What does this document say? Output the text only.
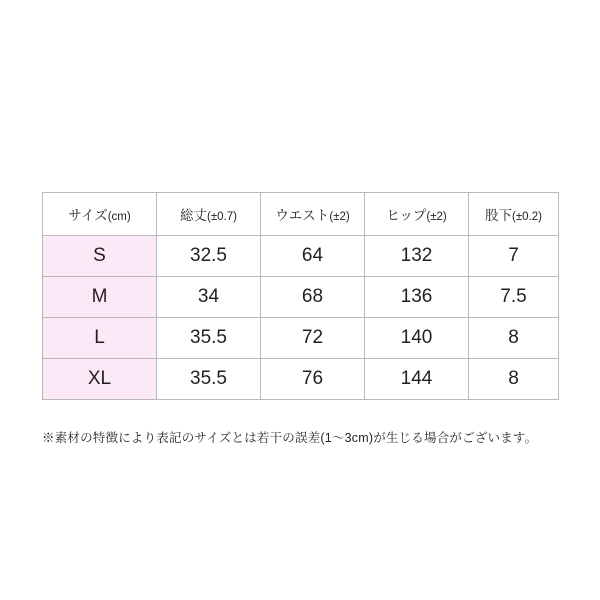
サイズ(cm)	総丈(±0.7)	ウエスト(±2)	ヒップ(±2)	股下(±0.2)
S	32.5	64	132	7
M	34	68	136	7.5
L	35.5	72	140	8
XL	35.5	76	144	8
※素材の特徴により表記のサイズとは若干の誤差(1〜3cm)が生じる場合がございます。
